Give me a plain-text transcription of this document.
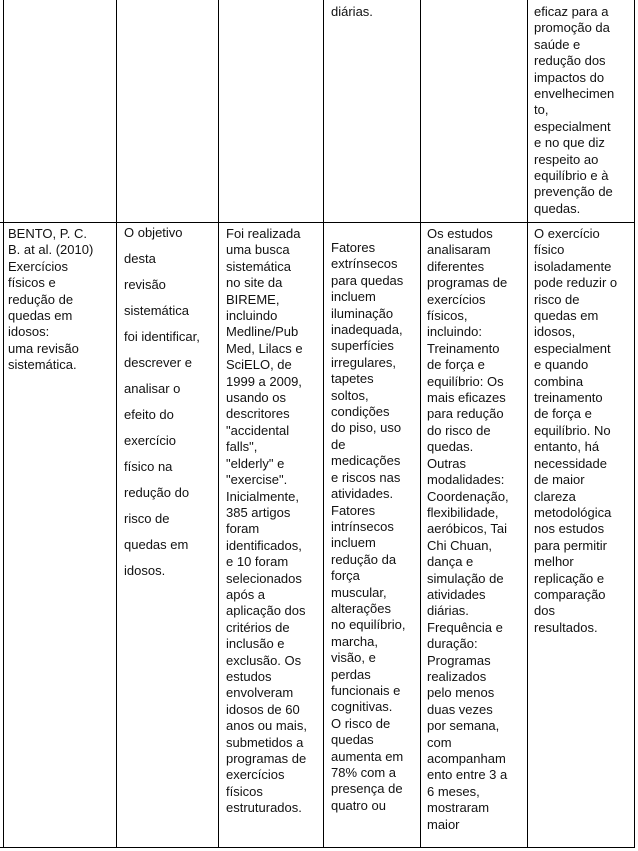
diárias.	eficaz para a
promoção da
saúde e
redução dos
impactos do
envelhecimen
to,
especialment
e no que diz
respeito ao
equilíbrio e à
prevenção de
quedas.
BENTO, P. C.
B. at al. (2010)
Exercícios
físicos e
redução de
quedas em
idosos:
uma revisão
sistemática.
O objetivo
desta
revisão
sistemática
foi identificar,
descrever e
analisar o
efeito do
exercício
físico na
redução do
risco de
quedas em
idosos.
Foi realizada
uma busca
sistemática
no site da
BIREME,
incluindo
Medline/Pub
Med, Lilacs e
SciELO, de
1999 a 2009,
usando os
descritores
"accidental
falls",
"elderly" e
"exercise".
Inicialmente,
385 artigos
foram
identificados,
e 10 foram
selecionados
após a
aplicação dos
critérios de
inclusão e
exclusão. Os
estudos
envolveram
idosos de 60
anos ou mais,
submetidos a
programas de
exercícios
físicos
estruturados.
Fatores
extrínsecos
para quedas
incluem
iluminação
inadequada,
superfícies
irregulares,
tapetes
soltos,
condições
do piso, uso
de
medicações
e riscos nas
atividades.
Fatores
intrínsecos
incluem
redução da
força
muscular,
alterações
no equilíbrio,
marcha,
visão, e
perdas
funcionais e
cognitivas.
O risco de
quedas
aumenta em
78% com a
presença de
quatro ou
Os estudos
analisaram
diferentes
programas de
exercícios
físicos,
incluindo:
Treinamento
de força e
equilíbrio: Os
mais eficazes
para redução
do risco de
quedas.
Outras
modalidades:
Coordenação,
flexibilidade,
aeróbicos, Tai
Chi Chuan,
dança e
simulação de
atividades
diárias.
Frequência e
duração:
Programas
realizados
pelo menos
duas vezes
por semana,
com
acompanham
ento entre 3 a
6 meses,
mostraram
maior
O exercício
físico
isoladamente
pode reduzir o
risco de
quedas em
idosos,
especialment
e quando
combina
treinamento
de força e
equilíbrio. No
entanto, há
necessidade
de maior
clareza
metodológica
nos estudos
para permitir
melhor
replicação e
comparação
dos
resultados.
